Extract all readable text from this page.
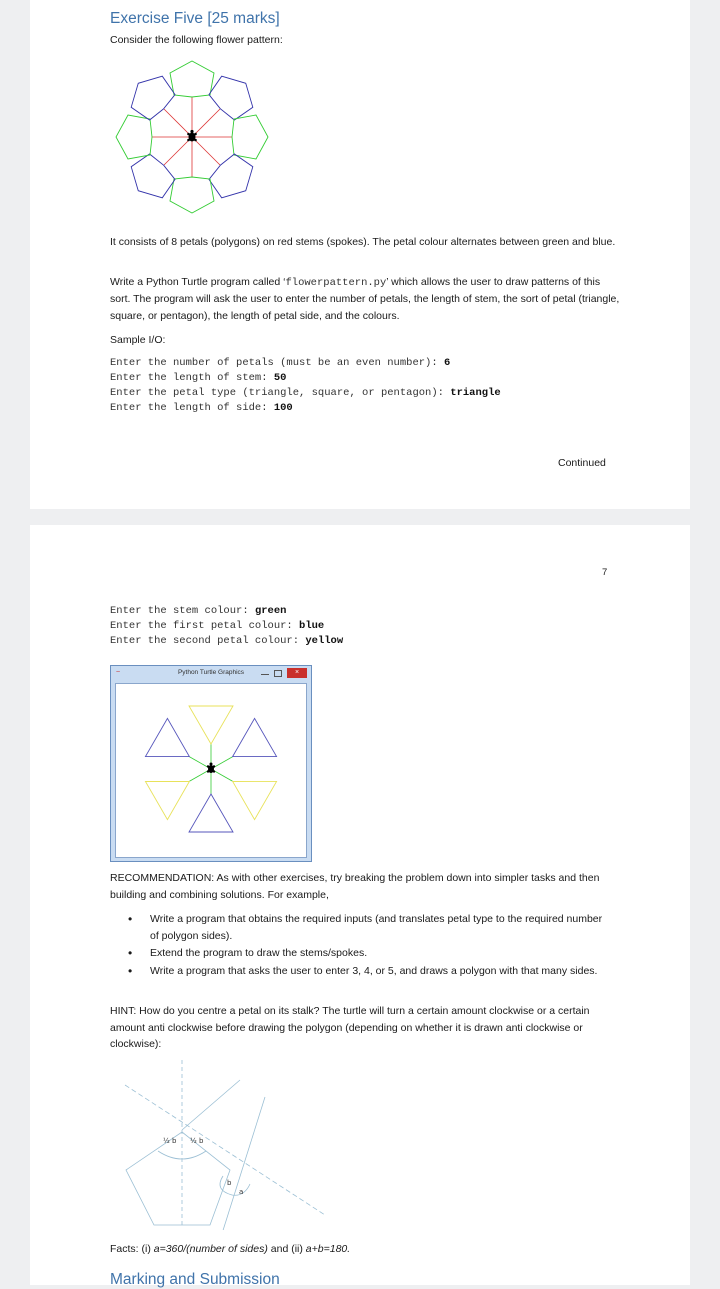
Exercise Five [25 marks]
Consider the following flower pattern:
It consists of 8 petals (polygons) on red stems (spokes). The petal colour alternates between green and blue.
Write a Python Turtle program called ‘flowerpattern.py’ which allows the user to draw patterns of this sort. The program will ask the user to enter the number of petals, the length of stem, the sort of petal (triangle, square, or pentagon), the length of petal side, and the colours.
Sample I/O:
Enter the number of petals (must be an even number): 6
Enter the length of stem: 50
Enter the petal type (triangle, square, or pentagon): triangle
Enter the length of side: 100
Continued
7
Enter the stem colour: green
Enter the first petal colour: blue
Enter the second petal colour: yellow
~	Python Turtle Graphics	×
RECOMMENDATION: As with other exercises, try breaking the problem down into simpler tasks and then building and combining solutions. For example,
• Write a program that obtains the required inputs (and translates petal type to the required number of polygon sides).
• Extend the program to draw the stems/spokes.
• Write a program that asks the user to enter 3, 4, or 5, and draws a polygon with that many sides.
HINT: How do you centre a petal on its stalk? The turtle will turn a certain amount clockwise or a certain amount anti clockwise before drawing the polygon (depending on whether it is drawn anti clockwise or clockwise):
½ b ½ b
b
a
Facts: (i) a=360/(number of sides) and (ii) a+b=180.
Marking and Submission
